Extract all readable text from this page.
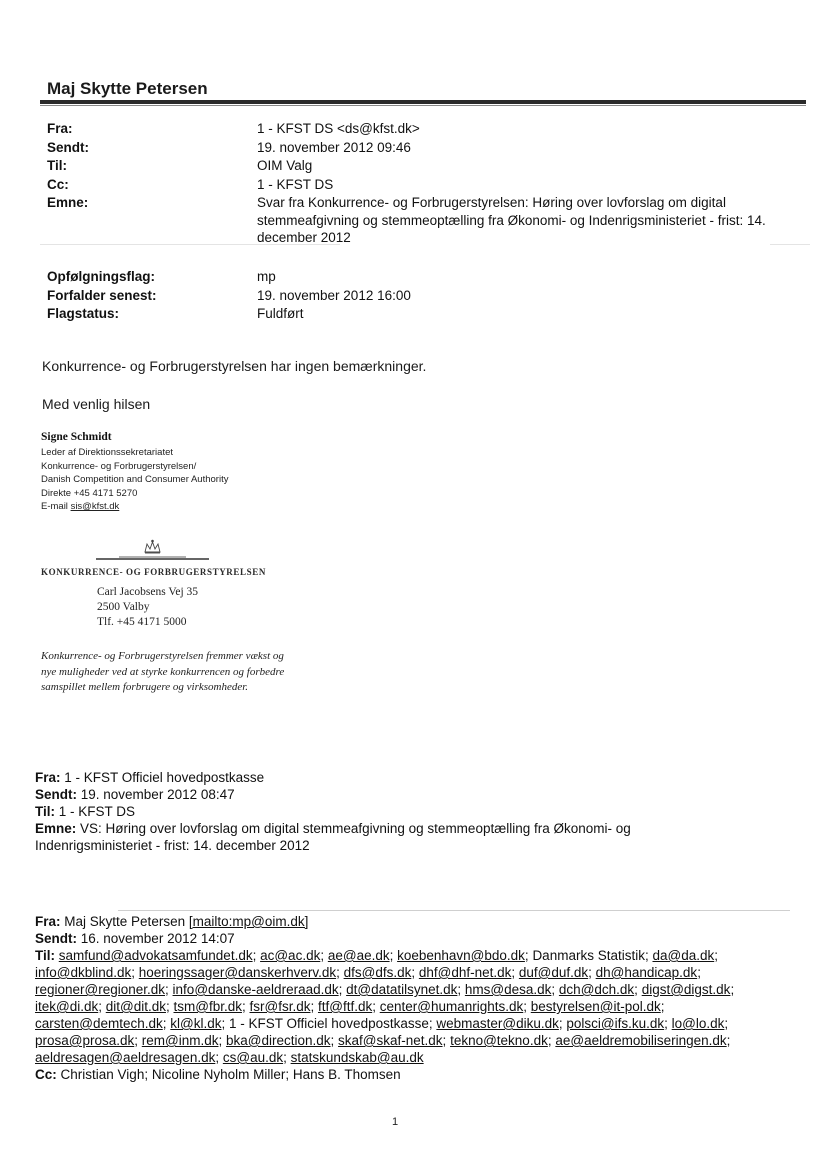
Maj Skytte Petersen
Fra:	1 - KFST DS <ds@kfst.dk>
Sendt:	19. november 2012 09:46
Til:	OIM Valg
Cc:	1 - KFST DS
Emne:	Svar fra Konkurrence- og Forbrugerstyrelsen: Høring over lovforslag om digital stemmeafgivning og stemmeoptælling fra Økonomi- og Indenrigsministeriet - frist: 14. december 2012
Opfølgningsflag:	mp
Forfalder senest:	19. november 2012 16:00
Flagstatus:	Fuldført
Konkurrence- og Forbrugerstyrelsen har ingen bemærkninger.
Med venlig hilsen
Signe Schmidt
Leder af Direktionssekretariatet
Konkurrence- og Forbrugerstyrelsen/
Danish Competition and Consumer Authority
Direkte +45 4171 5270
E-mail sis@kfst.dk
KONKURRENCE- OG FORBRUGERSTYRELSEN
Carl Jacobsens Vej 35
2500 Valby
Tlf. +45 4171 5000
Konkurrence- og Forbrugerstyrelsen fremmer vækst og nye muligheder ved at styrke konkurrencen og forbedre samspillet mellem forbrugere og virksomheder.
Fra: 1 - KFST Officiel hovedpostkasse
Sendt: 19. november 2012 08:47
Til: 1 - KFST DS
Emne: VS: Høring over lovforslag om digital stemmeafgivning og stemmeoptælling fra Økonomi- og Indenrigsministeriet - frist: 14. december 2012
Fra: Maj Skytte Petersen [mailto:mp@oim.dk]
Sendt: 16. november 2012 14:07
Til: samfund@advokatsamfundet.dk; ac@ac.dk; ae@ae.dk; koebenhavn@bdo.dk; Danmarks Statistik; da@da.dk; info@dkblind.dk; hoeringssager@danskerhverv.dk; dfs@dfs.dk; dhf@dhf-net.dk; duf@duf.dk; dh@handicap.dk; regioner@regioner.dk; info@danske-aeldreraad.dk; dt@datatilsynet.dk; hms@desa.dk; dch@dch.dk; digst@digst.dk; itek@di.dk; dit@dit.dk; tsm@fbr.dk; fsr@fsr.dk; ftf@ftf.dk; center@humanrights.dk; bestyrelsen@it-pol.dk; carsten@demtech.dk; kl@kl.dk; 1 - KFST Officiel hovedpostkasse; webmaster@diku.dk; polsci@ifs.ku.dk; lo@lo.dk; prosa@prosa.dk; rem@inm.dk; bka@direction.dk; skaf@skaf-net.dk; tekno@tekno.dk; ae@aeldremobiliseringen.dk; aeldresagen@aeldresagen.dk; cs@au.dk; statskundskab@au.dk
Cc: Christian Vigh; Nicoline Nyholm Miller; Hans B. Thomsen
1
